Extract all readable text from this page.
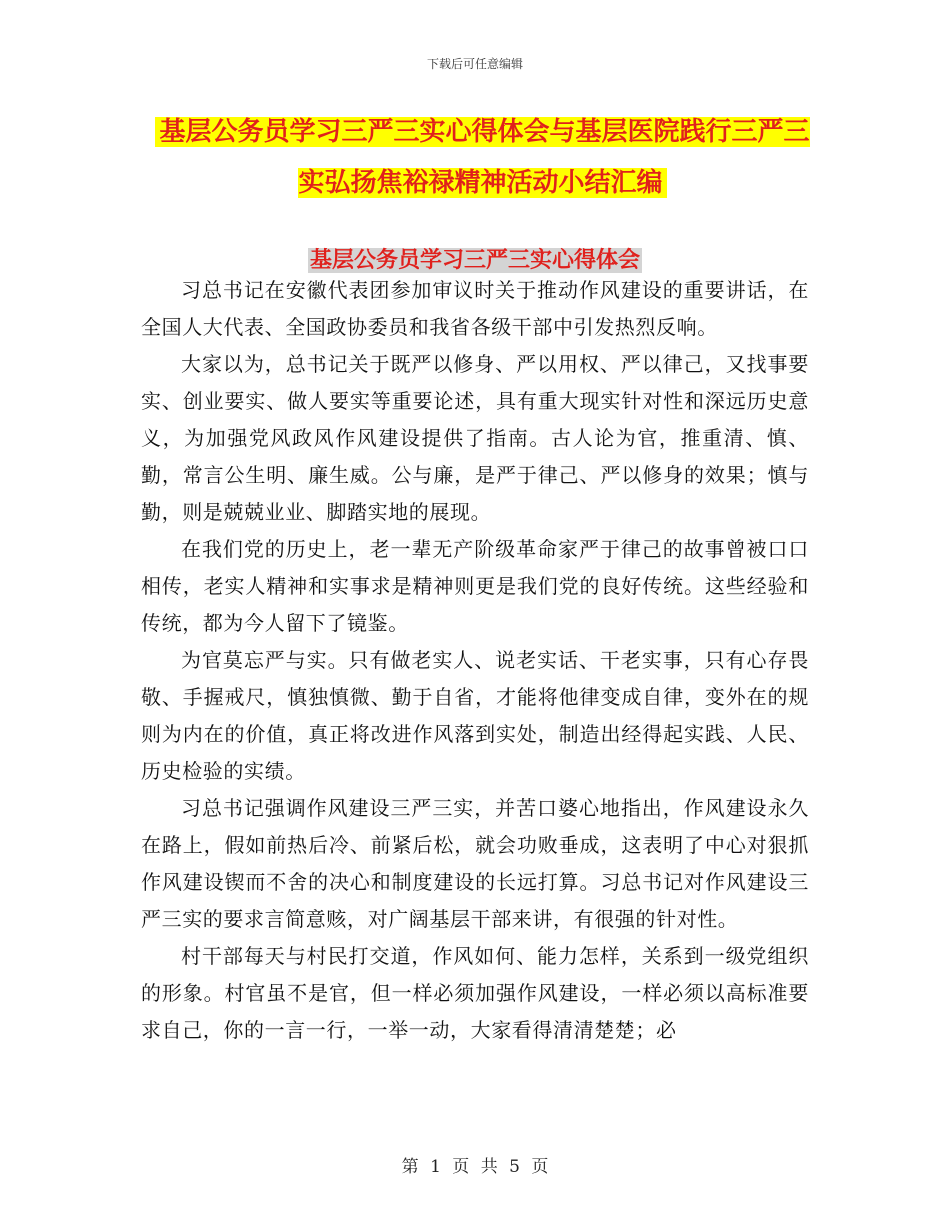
下载后可任意编辑
基层公务员学习三严三实心得体会与基层医院践行三严三实弘扬焦裕禄精神活动小结汇编
基层公务员学习三严三实心得体会

习总书记在安徽代表团参加审议时关于推动作风建设的重要讲话，在全国人大代表、全国政协委员和我省各级干部中引发热烈反响。

大家以为，总书记关于既严以修身、严以用权、严以律己，又找事要实、创业要实、做人要实等重要论述，具有重大现实针对性和深远历史意义，为加强党风政风作风建设提供了指南。古人论为官，推重清、慎、勤，常言公生明、廉生威。公与廉，是严于律己、严以修身的效果；慎与勤，则是兢兢业业、脚踏实地的展现。

在我们党的历史上，老一辈无产阶级革命家严于律己的故事曾被口口相传，老实人精神和实事求是精神则更是我们党的良好传统。这些经验和传统，都为今人留下了镜鉴。

为官莫忘严与实。只有做老实人、说老实话、干老实事，只有心存畏敬、手握戒尺，慎独慎微、勤于自省，才能将他律变成自律，变外在的规则为内在的价值，真正将改进作风落到实处，制造出经得起实践、人民、历史检验的实绩。

习总书记强调作风建设三严三实，并苦口婆心地指出，作风建设永久在路上，假如前热后冷、前紧后松，就会功败垂成，这表明了中心对狠抓作风建设锲而不舍的决心和制度建设的长远打算。习总书记对作风建设三严三实的要求言简意赅，对广阔基层干部来讲，有很强的针对性。

村干部每天与村民打交道，作风如何、能力怎样，关系到一级党组织的形象。村官虽不是官，但一样必须加强作风建设，一样必须以高标准要求自己，你的一言一行，一举一动，大家看得清清楚楚；必

第 1 页 共 5 页
